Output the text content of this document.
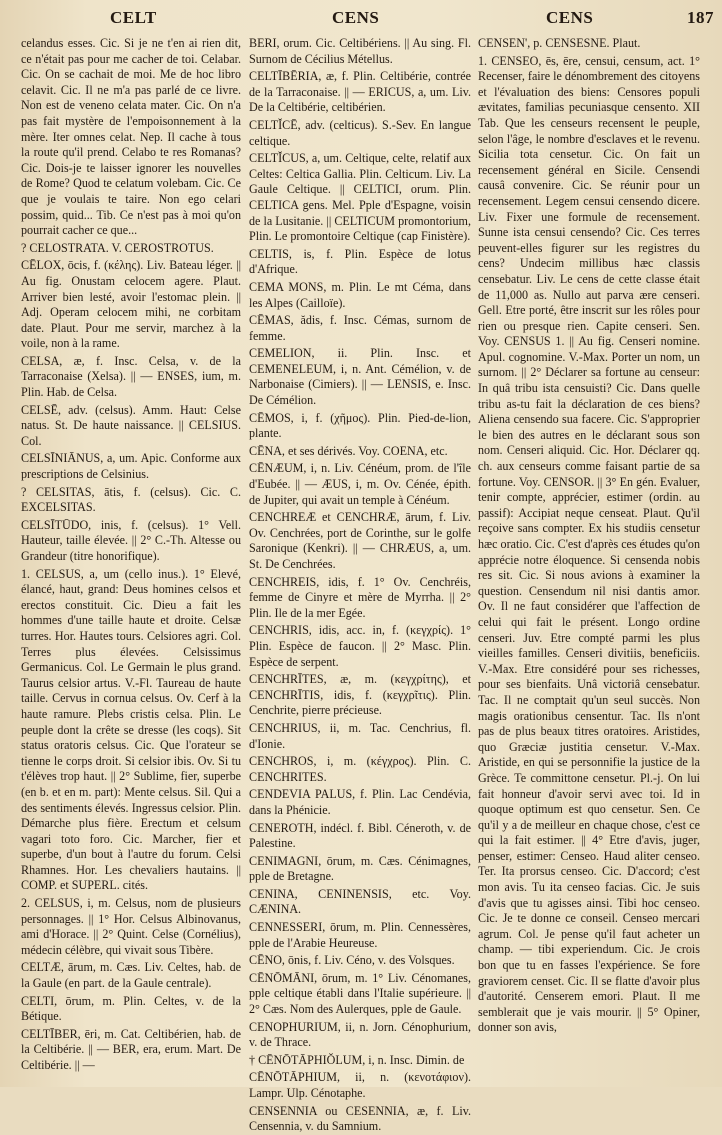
CELT	CENS	CENS	187

celandus esses. Cic. Si je ne t'en ai rien dit, ce n'était pas pour me cacher de toi. Celabar. Cic. On se cachait de moi. Me de hoc libro celavit. Cic. Il ne m'a pas parlé de ce livre. Non est de veneno celata mater. Cic. On n'a pas fait mystère de l'empoisonnement à la mère. Iter omnes celat. Nep. Il cache à tous la route qu'il prend. Celabo te res Romanas? Cic. Dois-je te laisser ignorer les nouvelles de Rome? Quod te celatum volebam. Cic. Ce que je voulais te taire. Non ego celari possim, quid... Tib. Ce n'est pas à moi qu'on pourrait cacher ce que...

? CELOSTRATA. V. CEROSTROTUS.

CĒLOX, ōcis, f. (κέλης). Liv. Bateau léger. || Au fig. Onustam celocem agere. Plaut. Arriver bien lesté, avoir l'estomac plein. || Adj. Operam celocem mihi, ne corbitam date. Plaut. Pour me servir, marchez à la voile, non à la rame.

CELSA, æ, f. Insc. Celsa, v. de la Tarraconaise (Xelsa). || — ENSES, ium, m. Plin. Hab. de Celsa.

CELSĒ, adv. (celsus). Amm. Haut: Celse natus. St. De haute naissance. || CELSIUS. Col.

CELSĪNIĀNUS, a, um. Apic. Conforme aux prescriptions de Celsinius.

? CELSITAS, ātis, f. (celsus). Cic. C. EXCELSITAS.

CELSĪTŪDO, inis, f. (celsus). 1° Vell. Hauteur, taille élevée. || 2° C.-Th. Altesse ou Grandeur (titre honorifique).

1. CELSUS, a, um (cello inus.). 1° Elevé, élancé, haut, grand: Deus homines celsos et erectos constituit. Cic. Dieu a fait les hommes d'une taille haute et droite. Celsæ turres. Hor. Hautes tours. Celsiores agri. Col. Terres plus élevées. Celsissimus Germanicus. Col. Le Germain le plus grand. Taurus celsior artus. V.-Fl. Taureau de haute taille. Cervus in cornua celsus. Ov. Cerf à la haute ramure. Plebs cristis celsa. Plin. Le peuple dont la crête se dresse (les coqs). Sit status oratoris celsus. Cic. Que l'orateur se tienne le corps droit. Si celsior ibis. Ov. Si tu t'élèves trop haut. || 2° Sublime, fier, superbe (en b. et en m. part): Mente celsus. Sil. Qui a des sentiments élevés. Ingressus celsior. Plin. Démarche plus fière. Erectum et celsum vagari toto foro. Cic. Marcher, fier et superbe, d'un bout à l'autre du forum. Celsi Rhamnes. Hor. Les chevaliers hautains. || COMP. et SUPERL. cités.

2. CELSUS, i, m. Celsus, nom de plusieurs personnages. || 1° Hor. Celsus Albinovanus, ami d'Horace. || 2° Quint. Celse (Cornélius), médecin célèbre, qui vivait sous Tibère.

CELTÆ, ārum, m. Cæs. Liv. Celtes, hab. de la Gaule (en part. de la Gaule centrale).

CELTI, ōrum, m. Plin. Celtes, v. de la Bétique.

CELTĪBER, ēri, m. Cat. Celtibérien, hab. de la Celtibérie. || — BER, era, erum. Mart. De Celtibérie. || —

BERI, orum. Cic. Celtibériens. || Au sing. Fl. Surnom de Cécilius Métellus.

CELTĪBĒRIA, æ, f. Plin. Celtibérie, contrée de la Tarraconaise. || — ERICUS, a, um. Liv. De la Celtibérie, celtibérien.

CELTĬCĒ, adv. (celticus). S.-Sev. En langue celtique.

CELTĬCUS, a, um. Celtique, celte, relatif aux Celtes: Celtica Gallia. Plin. Celticum. Liv. La Gaule Celtique. || CELTICI, orum. Plin. CELTICA gens. Mel. Pple d'Espagne, voisin de la Lusitanie. || CELTICUM promontorium, Plin. Le promontoire Celtique (cap Finistère).

CELTIS, is, f. Plin. Espèce de lotus d'Afrique.

CEMA MONS, m. Plin. Le mt Céma, dans les Alpes (Cailloïe).

CĒMAS, ădis, f. Insc. Cémas, surnom de femme.

CEMELION, ii. Plin. Insc. et CEMENELEUM, i, n. Ant. Cémélion, v. de Narbonaise (Cimiers). || — LENSIS, e. Insc. De Cémélion.

CĒMOS, i, f. (χῆμος). Plin. Pied-de-lion, plante.

CĒNA, et ses dérivés. Voy. COENA, etc.

CĒNÆUM, i, n. Liv. Cénéum, prom. de l'île d'Eubée. || — ÆUS, i, m. Ov. Cénée, épith. de Jupiter, qui avait un temple à Cénéum.

CENCHREÆ et CENCHRÆ, ārum, f. Liv. Ov. Cenchrées, port de Corinthe, sur le golfe Saronique (Kenkri). || — CHRÆUS, a, um. St. De Cenchrées.

CENCHREIS, idis, f. 1° Ov. Cenchréis, femme de Cinyre et mère de Myrrha. || 2° Plin. Ile de la mer Egée.

CENCHRIS, idis, acc. in, f. (κεγχρίς). 1° Plin. Espèce de faucon. || 2° Masc. Plin. Espèce de serpent.

CENCHRĪTES, æ, m. (κεγχρίτης), et CENCHRĪTIS, idis, f. (κεγχρῖτις). Plin. Cenchrite, pierre précieuse.

CENCHRIUS, ii, m. Tac. Cenchrius, fl. d'Ionie.

CENCHROS, i, m. (κέγχρος). Plin. C. CENCHRITES.

CENDEVIA PALUS, f. Plin. Lac Cendévia, dans la Phénicie.

CENEROTH, indécl. f. Bibl. Céneroth, v. de Palestine.

CENIMAGNI, ōrum, m. Cæs. Cénimagnes, pple de Bretagne.

CENINA, CENINENSIS, etc. Voy. CÆNINA.

CENNESSERI, ōrum, m. Plin. Cennessères, pple de l'Arabie Heureuse.

CĒNO, ōnis, f. Liv. Céno, v. des Volsques.

CĒNŌMĀNI, ōrum, m. 1° Liv. Cénomanes, pple celtique établi dans l'Italie supérieure. || 2° Cæs. Nom des Aulerques, pple de Gaule.

CENOPHURIUM, ii, n. Jorn. Cénophurium, v. de Thrace.

† CĒNŌTĀPHIŎLUM, i, n. Insc. Dimin. de

CĒNŌTĀPHIUM, ii, n. (κενοτάφιον). Lampr. Ulp. Cénotaphe.

CENSENNIA ou CESENNIA, æ, f. Liv. Censennia, v. du Samnium.

CENSEN', p. CENSESNE. Plaut.

1. CENSEO, ēs, ēre, censui, censum, act. 1° Recenser, faire le dénombrement des citoyens et l'évaluation des biens: Censores populi ævitates, familias pecuniasque censento. XII Tab. Que les censeurs recensent le peuple, selon l'âge, le nombre d'esclaves et le revenu. Sicilia tota censetur. Cic. On fait un recensement général en Sicile. Censendi causâ convenire. Cic. Se réunir pour un recensement. Legem censui censendo dicere. Liv. Fixer une formule de recensement. Sunne ista censui censendo? Cic. Ces terres peuvent-elles figurer sur les registres du cens? Undecim millibus hæc classis censebatur. Liv. Le cens de cette classe était de 11,000 as. Nullo aut parva ære censeri. Gell. Etre porté, être inscrit sur les rôles pour rien ou presque rien. Capite censeri. Sen. Voy. CENSUS 1. || Au fig. Censeri nomine. Apul. cognomine. V.-Max. Porter un nom, un surnom. || 2° Déclarer sa fortune au censeur: In quâ tribu ista censuisti? Cic. Dans quelle tribu as-tu fait la déclaration de ces biens? Aliena censendo sua facere. Cic. S'approprier le bien des autres en le déclarant sous son nom. Censeri aliquid. Cic. Hor. Déclarer qq. ch. aux censeurs comme faisant partie de sa fortune. Voy. CENSOR. || 3° En gén. Evaluer, tenir compte, apprécier, estimer (ordin. au passif): Accipiat neque censeat. Plaut. Qu'il reçoive sans compter. Ex his studiis censetur hæc oratio. Cic. C'est d'après ces études qu'on apprécie notre éloquence. Si censenda nobis res sit. Cic. Si nous avions à examiner la question. Censendum nil nisi dantis amor. Ov. Il ne faut considérer que l'affection de celui qui fait le présent. Longo ordine censeri. Juv. Etre compté parmi les plus vieilles familles. Censeri divitiis, beneficiis. V.-Max. Etre considéré pour ses richesses, pour ses bienfaits. Unâ victoriâ censebatur. Tac. Il ne comptait qu'un seul succès. Non magis orationibus censentur. Tac. Ils n'ont pas de plus beaux titres oratoires. Aristides, quo Græciæ justitia censetur. V.-Max. Aristide, en qui se personnifie la justice de la Grèce. Te committone censetur. Pl.-j. On lui fait honneur d'avoir servi avec toi. Id in quoque optimum est quo censetur. Sen. Ce qu'il y a de meilleur en chaque chose, c'est ce qui la fait estimer. || 4° Etre d'avis, juger, penser, estimer: Censeo. Haud aliter censeo. Ter. Ita prorsus censeo. Cic. D'accord; c'est mon avis. Tu ita censeo facias. Cic. Je suis d'avis que tu agisses ainsi. Tibi hoc censeo. Cic. Je te donne ce conseil. Censeo mercari agrum. Col. Je pense qu'il faut acheter un champ. — tibi experiendum. Cic. Je crois bon que tu en fasses l'expérience. Se fore graviorem censet. Cic. Il se flatte d'avoir plus d'autorité. Censerem emori. Plaut. Il me semblerait que je vais mourir. || 5° Opiner, donner son avis,
